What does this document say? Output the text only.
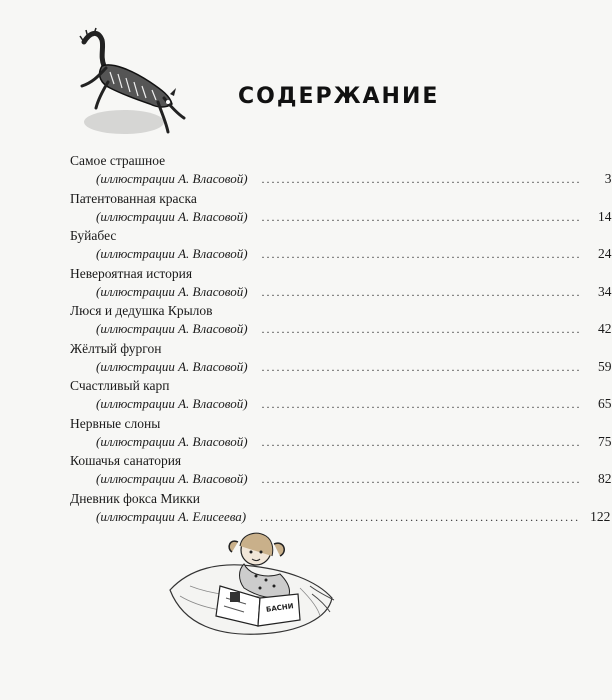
СОДЕРЖАНИЕ
Самое страшное
(иллюстрации А. Власовой) ................................................................	3
Патентованная краска
(иллюстрации А. Власовой) ................................................................	14
Буйабес
(иллюстрации А. Власовой) ................................................................	24
Невероятная история
(иллюстрации А. Власовой) ................................................................	34
Люся и дедушка Крылов
(иллюстрации А. Власовой) ................................................................	42
Жёлтый фургон
(иллюстрации А. Власовой) ................................................................	59
Счастливый карп
(иллюстрации А. Власовой) ................................................................	65
Нервные слоны
(иллюстрации А. Власовой) ................................................................	75
Кошачья санатория
(иллюстрации А. Власовой) ................................................................	82
Дневник фокса Микки
(иллюстрации А. Елисеева) ................................................................ 122
БАСНИ
